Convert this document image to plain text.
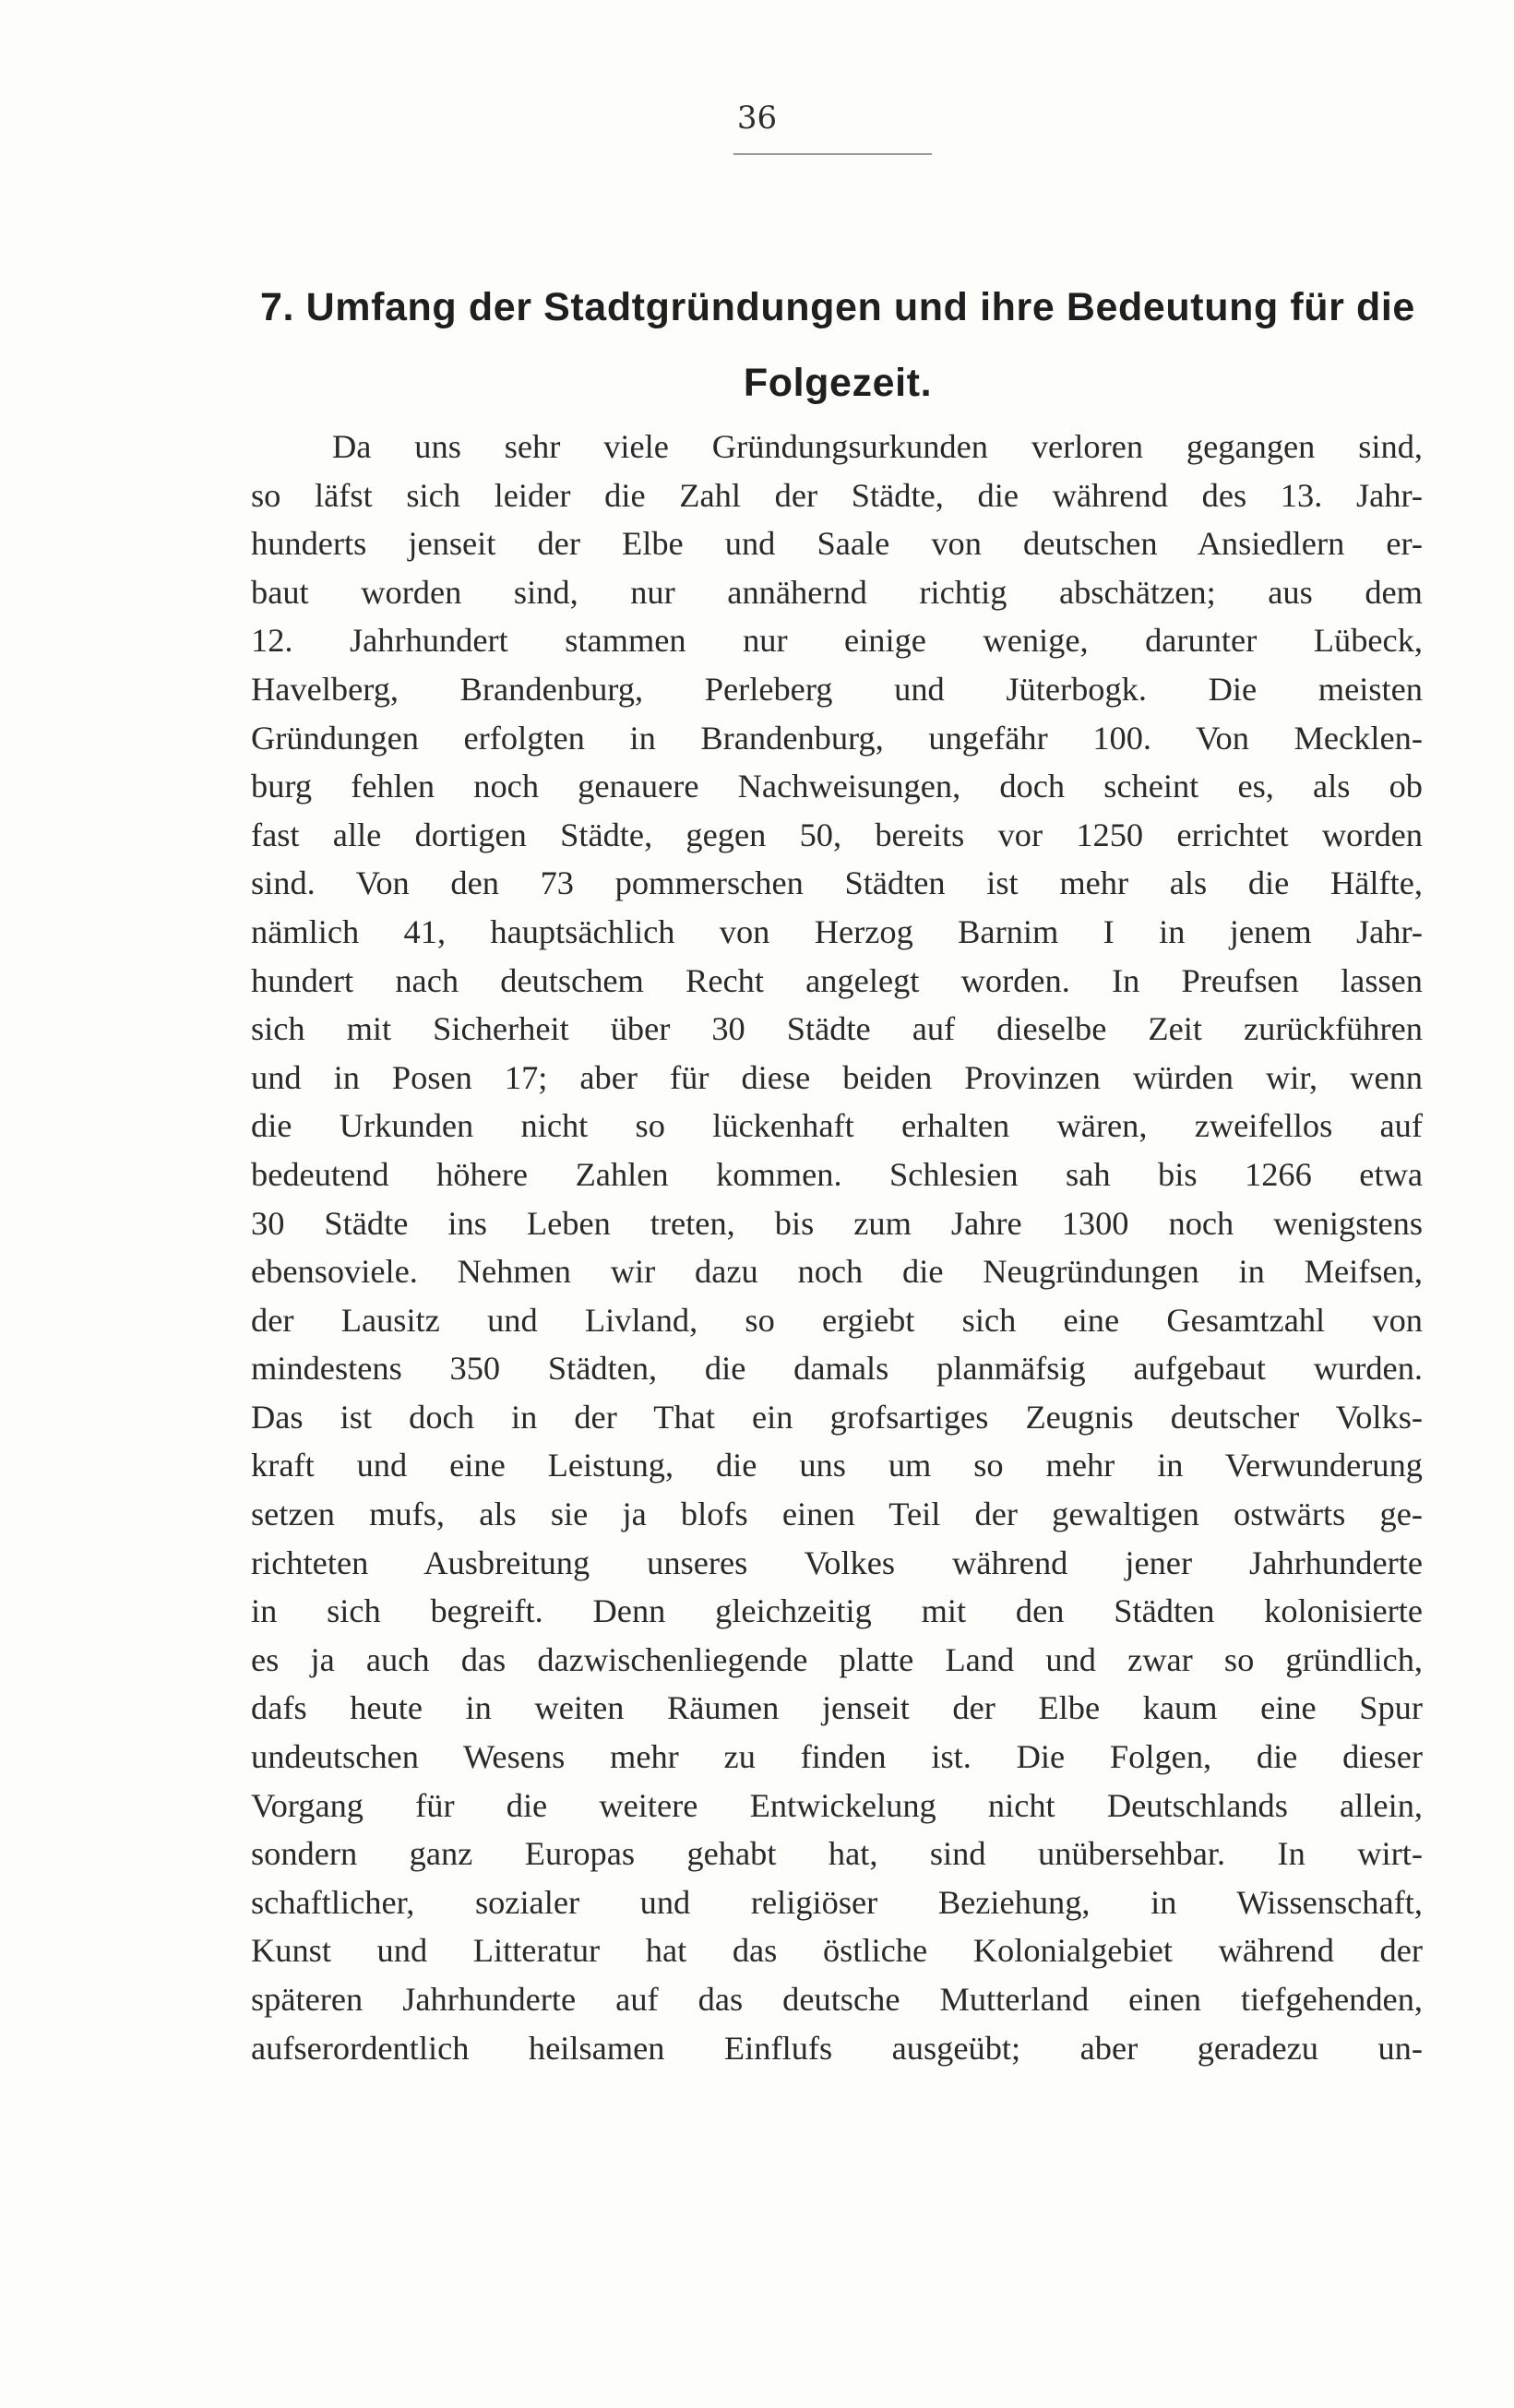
36
7. Umfang der Stadtgründungen und ihre Bedeutung für die Folgezeit.
Da uns sehr viele Gründungsurkunden verloren gegangen sind,
so läfst sich leider die Zahl der Städte, die während des 13. Jahr-
hunderts jenseit der Elbe und Saale von deutschen Ansiedlern er-
baut worden sind, nur annähernd richtig abschätzen; aus dem
12. Jahrhundert stammen nur einige wenige, darunter Lübeck,
Havelberg, Brandenburg, Perleberg und Jüterbogk. Die meisten
Gründungen erfolgten in Brandenburg, ungefähr 100. Von Mecklen-
burg fehlen noch genauere Nachweisungen, doch scheint es, als ob
fast alle dortigen Städte, gegen 50, bereits vor 1250 errichtet worden
sind. Von den 73 pommerschen Städten ist mehr als die Hälfte,
nämlich 41, hauptsächlich von Herzog Barnim I in jenem Jahr-
hundert nach deutschem Recht angelegt worden. In Preufsen lassen
sich mit Sicherheit über 30 Städte auf dieselbe Zeit zurückführen
und in Posen 17; aber für diese beiden Provinzen würden wir, wenn
die Urkunden nicht so lückenhaft erhalten wären, zweifellos auf
bedeutend höhere Zahlen kommen. Schlesien sah bis 1266 etwa
30 Städte ins Leben treten, bis zum Jahre 1300 noch wenigstens
ebensoviele. Nehmen wir dazu noch die Neugründungen in Meifsen,
der Lausitz und Livland, so ergiebt sich eine Gesamtzahl von
mindestens 350 Städten, die damals planmäfsig aufgebaut wurden.
Das ist doch in der That ein grofsartiges Zeugnis deutscher Volks-
kraft und eine Leistung, die uns um so mehr in Verwunderung
setzen mufs, als sie ja blofs einen Teil der gewaltigen ostwärts ge-
richteten Ausbreitung unseres Volkes während jener Jahrhunderte
in sich begreift. Denn gleichzeitig mit den Städten kolonisierte
es ja auch das dazwischenliegende platte Land und zwar so gründlich,
dafs heute in weiten Räumen jenseit der Elbe kaum eine Spur
undeutschen Wesens mehr zu finden ist. Die Folgen, die dieser
Vorgang für die weitere Entwickelung nicht Deutschlands allein,
sondern ganz Europas gehabt hat, sind unübersehbar. In wirt-
schaftlicher, sozialer und religiöser Beziehung, in Wissenschaft,
Kunst und Litteratur hat das östliche Kolonialgebiet während der
späteren Jahrhunderte auf das deutsche Mutterland einen tiefgehenden,
aufserordentlich heilsamen Einflufs ausgeübt; aber geradezu un-
